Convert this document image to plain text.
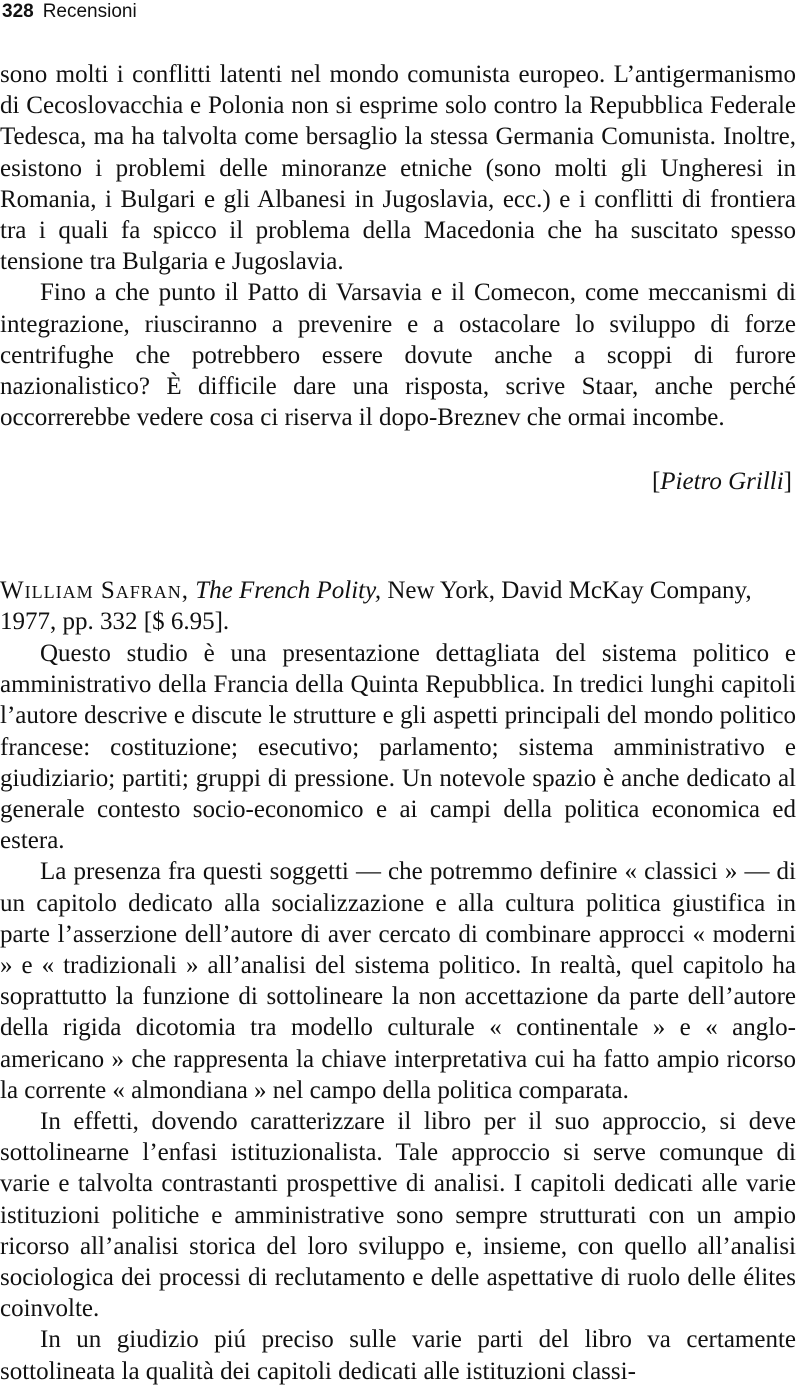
328 Recensioni

sono molti i conflitti latenti nel mondo comunista europeo. L’antigermanismo di Cecoslovacchia e Polonia non si esprime solo contro la Repubblica Federale Tedesca, ma ha talvolta come bersaglio la stessa Germania Comunista. Inoltre, esistono i problemi delle minoranze etniche (sono molti gli Ungheresi in Romania, i Bulgari e gli Albanesi in Jugoslavia, ecc.) e i conflitti di frontiera tra i quali fa spicco il problema della Macedonia che ha suscitato spesso tensione tra Bulgaria e Jugoslavia.

Fino a che punto il Patto di Varsavia e il Comecon, come meccanismi di integrazione, riusciranno a prevenire e a ostacolare lo sviluppo di forze centrifughe che potrebbero essere dovute anche a scoppi di furore nazionalistico? È difficile dare una risposta, scrive Staar, anche perché occorrerebbe vedere cosa ci riserva il dopo-Breznev che ormai incombe.

[Pietro Grilli]
William Safran, The French Polity, New York, David McKay Company, 1977, pp. 332 [$ 6.95].

Questo studio è una presentazione dettagliata del sistema politico e amministrativo della Francia della Quinta Repubblica. In tredici lunghi capitoli l’autore descrive e discute le strutture e gli aspetti principali del mondo politico francese: costituzione; esecutivo; parlamento; sistema amministrativo e giudiziario; partiti; gruppi di pressione. Un notevole spazio è anche dedicato al generale contesto socio-economico e ai campi della politica economica ed estera.

La presenza fra questi soggetti — che potremmo definire « classici » — di un capitolo dedicato alla socializzazione e alla cultura politica giustifica in parte l’asserzione dell’autore di aver cercato di combinare approcci « moderni » e « tradizionali » all’analisi del sistema politico. In realtà, quel capitolo ha soprattutto la funzione di sottolineare la non accettazione da parte dell’autore della rigida dicotomia tra modello culturale « continentale » e « anglo-americano » che rappresenta la chiave interpretativa cui ha fatto ampio ricorso la corrente « almondiana » nel campo della politica comparata.

In effetti, dovendo caratterizzare il libro per il suo approccio, si deve sottolinearne l’enfasi istituzionalista. Tale approccio si serve comunque di varie e talvolta contrastanti prospettive di analisi. I capitoli dedicati alle varie istituzioni politiche e amministrative sono sempre strutturati con un ampio ricorso all’analisi storica del loro sviluppo e, insieme, con quello all’analisi sociologica dei processi di reclutamento e delle aspettative di ruolo delle élites coinvolte.

In un giudizio piú preciso sulle varie parti del libro va certamente sottolineata la qualità dei capitoli dedicati alle istituzioni classi-
